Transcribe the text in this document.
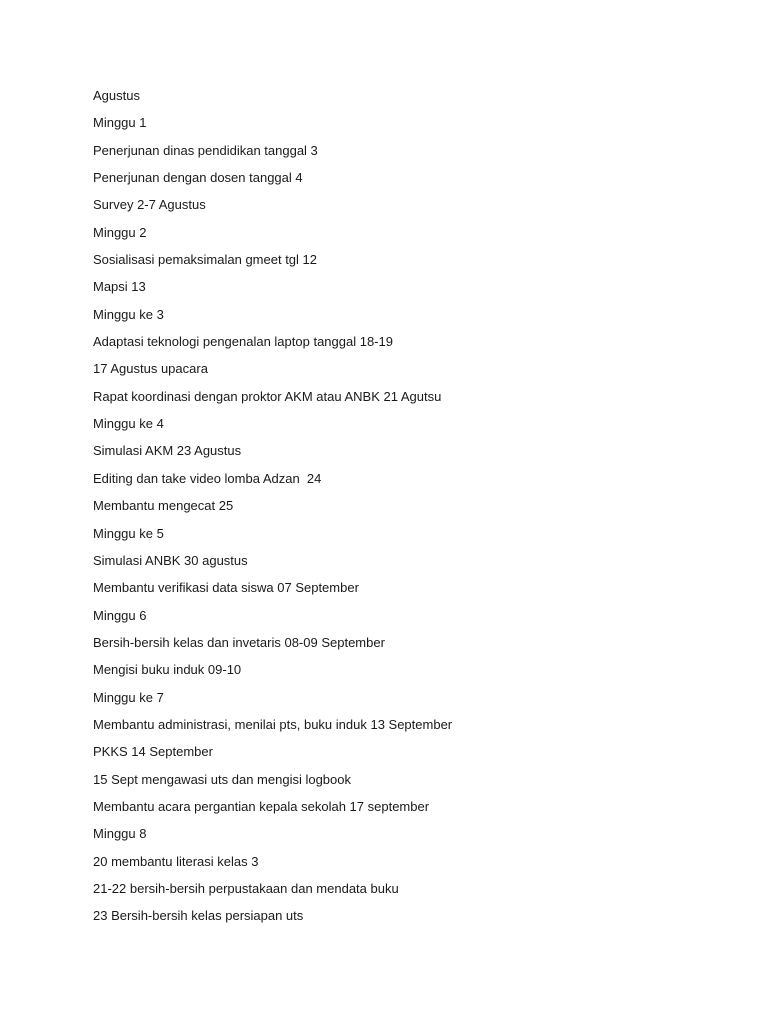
Agustus
Minggu 1
Penerjunan dinas pendidikan tanggal 3
Penerjunan dengan dosen tanggal 4
Survey 2-7 Agustus
Minggu 2
Sosialisasi pemaksimalan gmeet tgl 12
Mapsi 13
Minggu ke 3
Adaptasi teknologi pengenalan laptop tanggal 18-19
17 Agustus upacara
Rapat koordinasi dengan proktor AKM atau ANBK 21 Agutsu
Minggu ke 4
Simulasi AKM 23 Agustus
Editing dan take video lomba Adzan  24
Membantu mengecat 25
Minggu ke 5
Simulasi ANBK 30 agustus
Membantu verifikasi data siswa 07 September
Minggu 6
Bersih-bersih kelas dan invetaris 08-09 September
Mengisi buku induk 09-10
Minggu ke 7
Membantu administrasi, menilai pts, buku induk 13 September
PKKS 14 September
15 Sept mengawasi uts dan mengisi logbook
Membantu acara pergantian kepala sekolah 17 september
Minggu 8
20 membantu literasi kelas 3
21-22 bersih-bersih perpustakaan dan mendata buku
23 Bersih-bersih kelas persiapan uts
